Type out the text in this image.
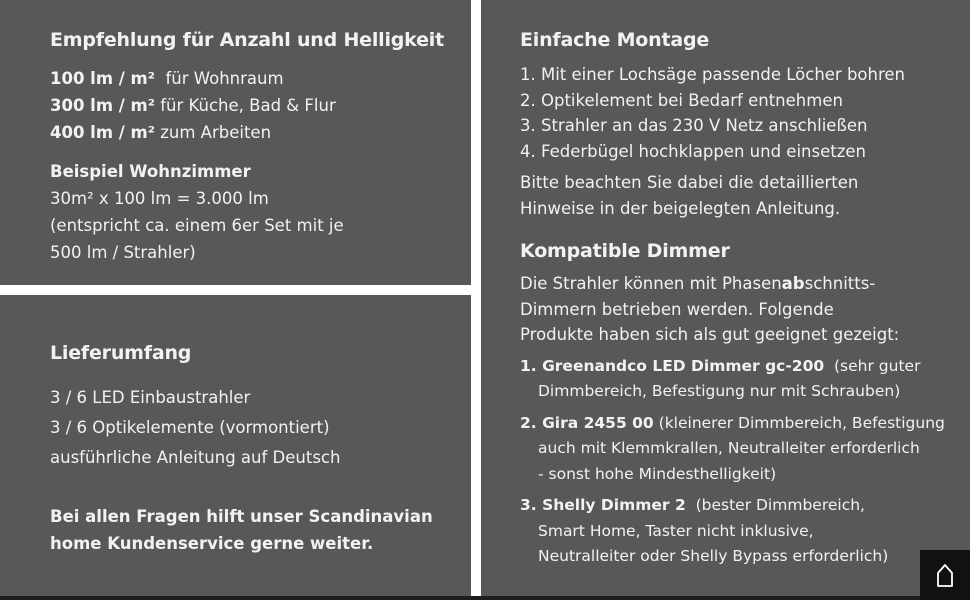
Empfehlung für Anzahl und Helligkeit
100 lm / m²  für Wohnraum
300 lm / m² für Küche, Bad & Flur
400 lm / m² zum Arbeiten
Beispiel Wohnzimmer
30m² x 100 lm = 3.000 lm
(entspricht ca. einem 6er Set mit je
500 lm / Strahler)
Lieferumfang
3 / 6 LED Einbaustrahler
3 / 6 Optikelemente (vormontiert)
ausführliche Anleitung auf Deutsch
Bei allen Fragen hilft unser Scandinavian
home Kundenservice gerne weiter.
Einfache Montage
1. Mit einer Lochsäge passende Löcher bohren
2. Optikelement bei Bedarf entnehmen
3. Strahler an das 230 V Netz anschließen
4. Federbügel hochklappen und einsetzen
Bitte beachten Sie dabei die detaillierten
Hinweise in der beigelegten Anleitung.
Kompatible Dimmer
Die Strahler können mit Phasenabschnitts-
Dimmern betrieben werden. Folgende
Produkte haben sich als gut geeignet gezeigt:
1. Greenandco LED Dimmer gc-200  (sehr guter
Dimmbereich, Befestigung nur mit Schrauben)
2. Gira 2455 00 (kleinerer Dimmbereich, Befestigung
auch mit Klemmkrallen, Neutralleiter erforderlich
- sonst hohe Mindesthelligkeit)
3. Shelly Dimmer 2  (bester Dimmbereich,
Smart Home, Taster nicht inklusive,
Neutralleiter oder Shelly Bypass erforderlich)
